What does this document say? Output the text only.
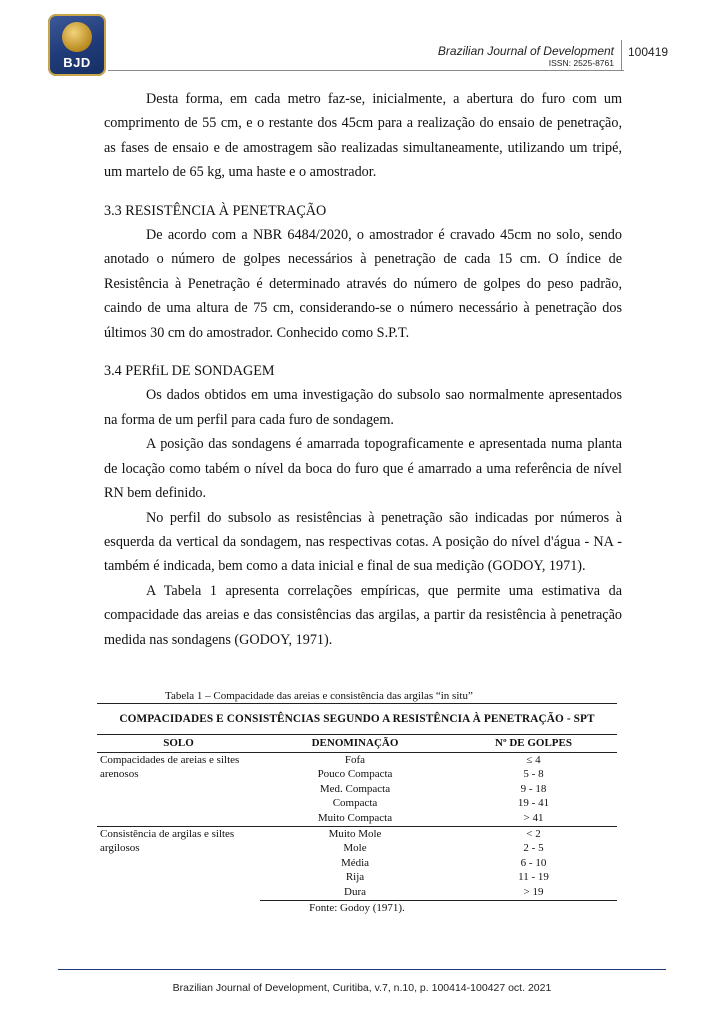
BJD
Brazilian Journal of Development
ISSN: 2525-8761
100419

Desta forma, em cada metro faz-se, inicialmente, a abertura do furo com um comprimento de 55 cm, e o restante dos 45cm para a realização do ensaio de penetração, as fases de ensaio e de amostragem são realizadas simultaneamente, utilizando um tripé, um martelo de 65 kg, uma haste e o amostrador.

3.3 RESISTÊNCIA À PENETRAÇÃO

De acordo com a NBR 6484/2020, o amostrador é cravado 45cm no solo, sendo anotado o número de golpes necessários à penetração de cada 15 cm. O índice de Resistência à Penetração é determinado através do número de golpes do peso padrão, caindo de uma altura de 75 cm, considerando-se o número necessário à penetração dos últimos 30 cm do amostrador. Conhecido como S.P.T.

3.4 PERfiL DE SONDAGEM

Os dados obtidos em uma investigação do subsolo sao normalmente apresentados na forma de um perfil para cada furo de sondagem.

A posição das sondagens é amarrada topograficamente e apresentada numa planta de locação como tabém o nível da boca do furo que é amarrado a uma referência de nível RN bem definido.

No perfil do subsolo as resistências à penetração são indicadas por números à esquerda da vertical da sondagem, nas respectivas cotas. A posição do nível d'água - NA - também é indicada, bem como a data inicial e final de sua medição (GODOY, 1971).

A Tabela 1 apresenta correlações empíricas, que permite uma estimativa da compacidade das areias e das consistências das argilas, a partir da resistência à penetração medida nas sondagens (GODOY, 1971).

Tabela 1 – Compacidade das areias e consistência das argilas “in situ”
COMPACIDADES E CONSISTÊNCIAS SEGUNDO A RESISTÊNCIA À PENETRAÇÃO - SPT
SOLO	DENOMINAÇÃO	Nº DE GOLPES
Compacidades de areias e siltes arenosos	Fofa	≤ 4
	Pouco Compacta	5 - 8
	Med. Compacta	9 - 18
	Compacta	19 - 41
	Muito Compacta	> 41
Consistência de argilas e siltes argilosos	Muito Mole	< 2
	Mole	2 - 5
	Média	6 - 10
	Rija	11 - 19
	Dura	> 19
Fonte: Godoy (1971).
Brazilian Journal of Development, Curitiba, v.7, n.10, p. 100414-100427 oct. 2021
